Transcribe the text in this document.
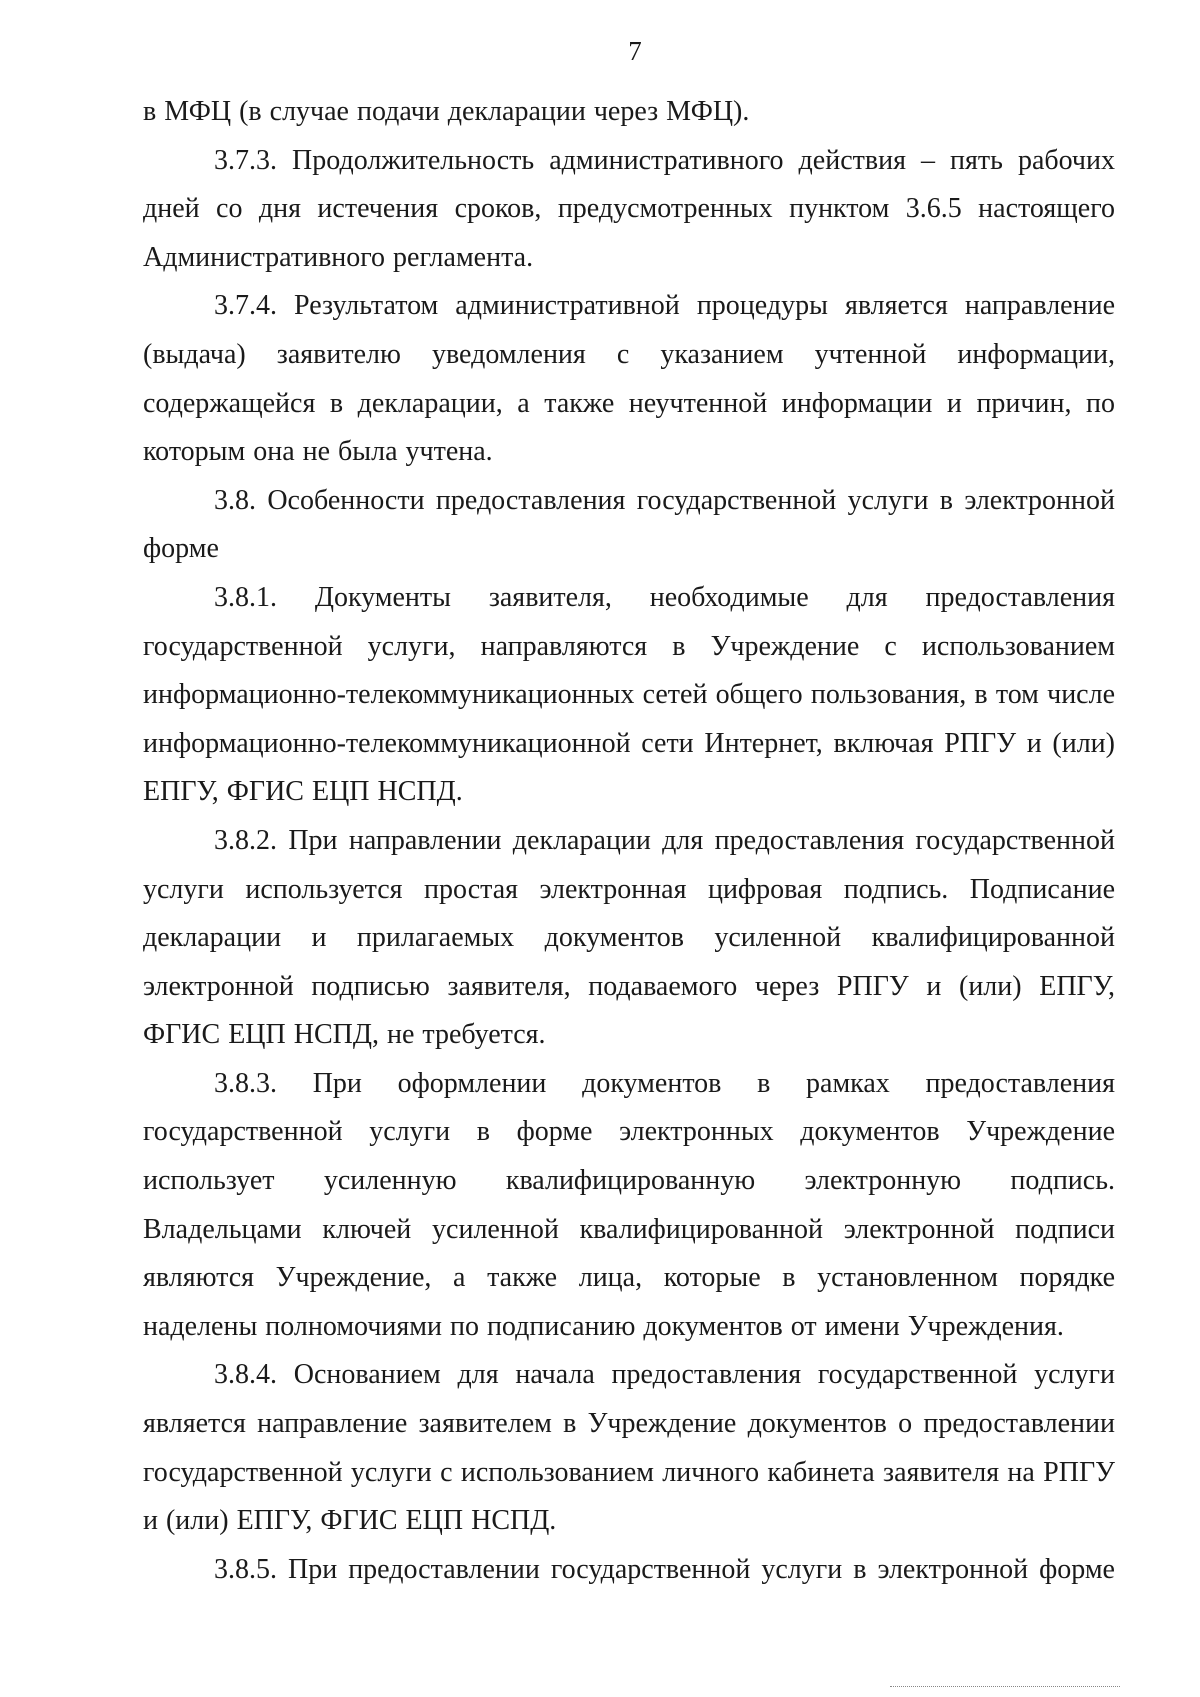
7

в МФЦ (в случае подачи декларации через МФЦ).

3.7.3. Продолжительность административного действия – пять рабочих дней со дня истечения сроков, предусмотренных пунктом 3.6.5 настоящего Административного регламента.

3.7.4. Результатом административной процедуры является направление (выдача) заявителю уведомления с указанием учтенной информации, содержащейся в декларации, а также неучтенной информации и причин, по которым она не была учтена.

3.8. Особенности предоставления государственной услуги в электронной форме

3.8.1. Документы заявителя, необходимые для предоставления государственной услуги, направляются в Учреждение с использованием информационно-телекоммуникационных сетей общего пользования, в том числе информационно-телекоммуникационной сети Интернет, включая РПГУ и (или) ЕПГУ, ФГИС ЕЦП НСПД.

3.8.2. При направлении декларации для предоставления государственной услуги используется простая электронная цифровая подпись. Подписание декларации и прилагаемых документов усиленной квалифицированной электронной подписью заявителя, подаваемого через РПГУ и (или) ЕПГУ, ФГИС ЕЦП НСПД, не требуется.

3.8.3. При оформлении документов в рамках предоставления государственной услуги в форме электронных документов Учреждение использует усиленную квалифицированную электронную подпись. Владельцами ключей усиленной квалифицированной электронной подписи являются Учреждение, а также лица, которые в установленном порядке наделены полномочиями по подписанию документов от имени Учреждения.

3.8.4. Основанием для начала предоставления государственной услуги является направление заявителем в Учреждение документов о предоставлении государственной услуги с использованием личного кабинета заявителя на РПГУ и (или) ЕПГУ, ФГИС ЕЦП НСПД.

3.8.5. При предоставлении государственной услуги в электронной форме
